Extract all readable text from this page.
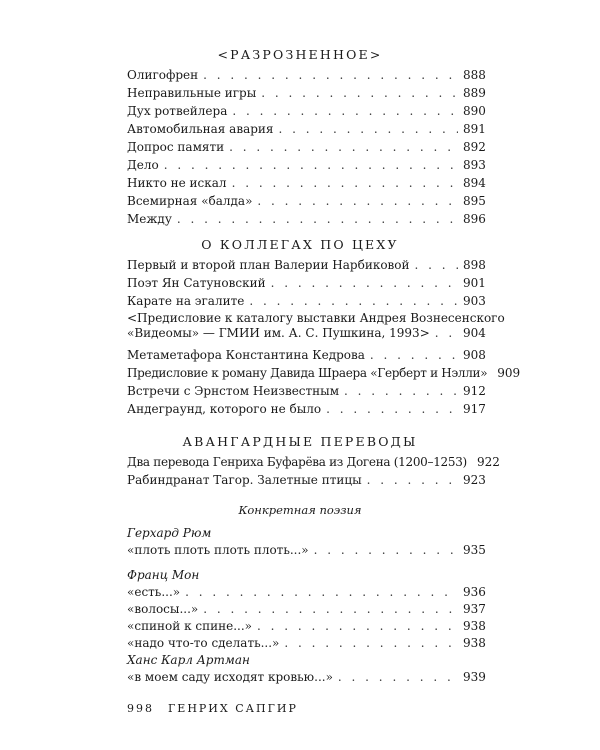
<РАЗРОЗНЕННОЕ>
Олигофрен . . .	888
Неправильные игры . . .	889
Дух ротвейлера . . .	890
Автомобильная авария . . .	891
Допрос памяти . . .	892
Дело . . .	893
Никто не искал . . .	894
Всемирная «балда» . . .	895
Между . . .	896
О КОЛЛЕГАХ ПО ЦЕХУ
Первый и второй план Валерии Нарбиковой . . .	898
Поэт Ян Сатуновский . . .	901
Карате на эгалите . . .	903
<Предисловие к каталогу выставки Андрея Вознесенского
«Видеомы» — ГМИИ им. А. С. Пушкина, 1993> . . .	904
Метаметафора Константина Кедрова . . .	908
Предисловие к роману Давида Шраера «Герберт и Нэлли» 909
Встречи с Эрнстом Неизвестным . . .	912
Андеграунд, которого не было . . .	917
АВАНГАРДНЫЕ ПЕРЕВОДЫ
Два перевода Генриха Буфарёва из Догена (1200–1253) 922
Рабиндранат Тагор. Залетные птицы . . .	923
Конкретная поэзия
Герхард Рюм
«плоть плоть плоть плоть...» . . .	935
Франц Мон
«есть...» . . .	936
«волосы...» . . .	937
«спиной к спине...» . . .	938
«надо что-то сделать...» . . .	938
Ханс Карл Артман
«в моем саду исходят кровью...» . . .	939
998 ГЕНРИХ САПГИР
